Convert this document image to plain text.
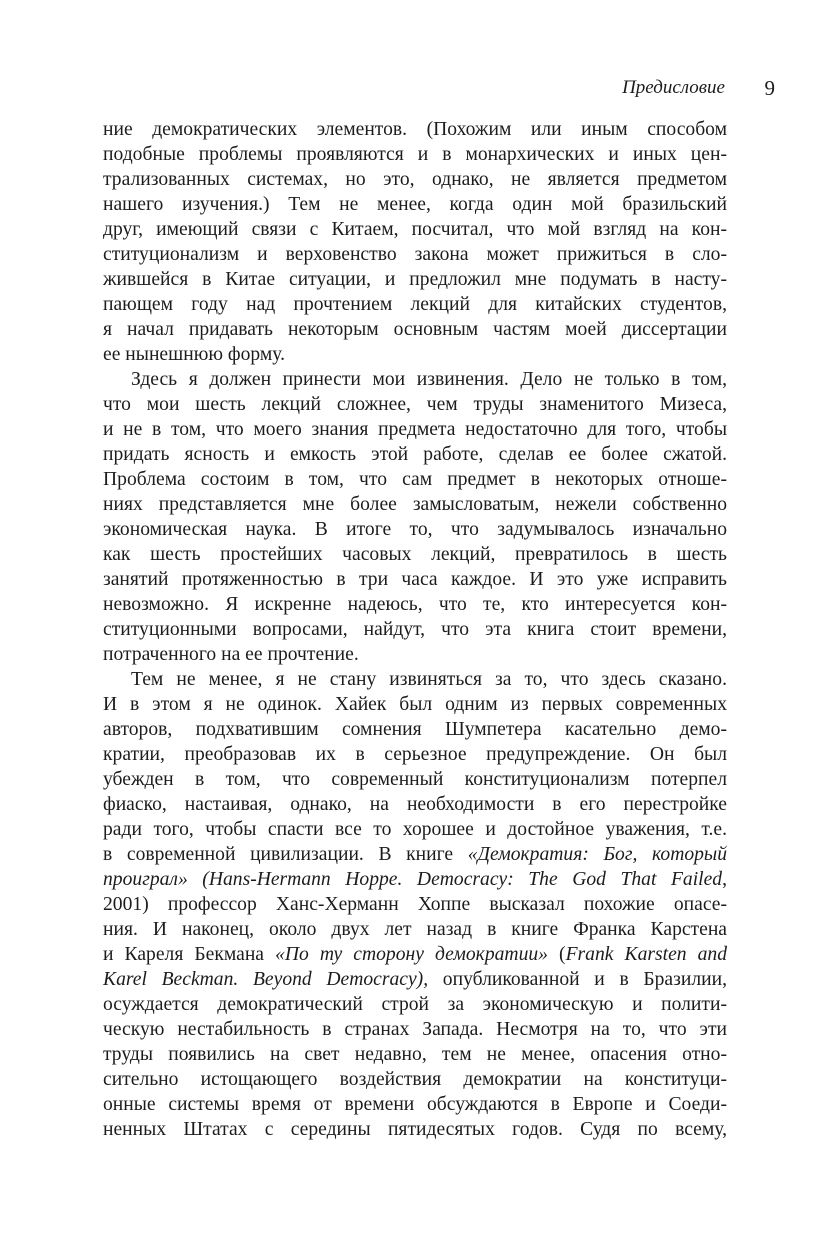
Предисловие 9
ние демократических элементов. (Похожим или иным способом
подобные проблемы проявляются и в монархических и иных цен-
трализованных системах, но это, однако, не является предметом
нашего изучения.) Тем не менее, когда один мой бразильский
друг, имеющий связи с Китаем, посчитал, что мой взгляд на кон-
ституционализм и верховенство закона может прижиться в сло-
жившейся в Китае ситуации, и предложил мне подумать в насту-
пающем году над прочтением лекций для китайских студентов,
я начал придавать некоторым основным частям моей диссертации
ее нынешнюю форму.
Здесь я должен принести мои извинения. Дело не только в том,
что мои шесть лекций сложнее, чем труды знаменитого Мизеса,
и не в том, что моего знания предмета недостаточно для того, чтобы
придать ясность и емкость этой работе, сделав ее более сжатой.
Проблема состоим в том, что сам предмет в некоторых отноше-
ниях представляется мне более замысловатым, нежели собственно
экономическая наука. В итоге то, что задумывалось изначально
как шесть простейших часовых лекций, превратилось в шесть
занятий протяженностью в три часа каждое. И это уже исправить
невозможно. Я искренне надеюсь, что те, кто интересуется кон-
ституционными вопросами, найдут, что эта книга стоит времени,
потраченного на ее прочтение.
Тем не менее, я не стану извиняться за то, что здесь сказано.
И в этом я не одинок. Хайек был одним из первых современных
авторов, подхватившим сомнения Шумпетера касательно демо-
кратии, преобразовав их в серьезное предупреждение. Он был
убежден в том, что современный конституционализм потерпел
фиаско, настаивая, однако, на необходимости в его перестройке
ради того, чтобы спасти все то хорошее и достойное уважения, т.е.
в современной цивилизации. В книге «Демократия: Бог, который
проиграл» (Hans-Hermann Hoppe. Democracy: The God That Failed,
2001) профессор Ханс-Херманн Хоппе высказал похожие опасе-
ния. И наконец, около двух лет назад в книге Франка Карстена
и Кареля Бекмана «По ту сторону демократии» (Frank Karsten and
Karel Beckman. Beyond Democracy), опубликованной и в Бразилии,
осуждается демократический строй за экономическую и полити-
ческую нестабильность в странах Запада. Несмотря на то, что эти
труды появились на свет недавно, тем не менее, опасения отно-
сительно истощающего воздействия демократии на конституци-
онные системы время от времени обсуждаются в Европе и Соеди-
ненных Штатах с середины пятидесятых годов. Судя по всему,
